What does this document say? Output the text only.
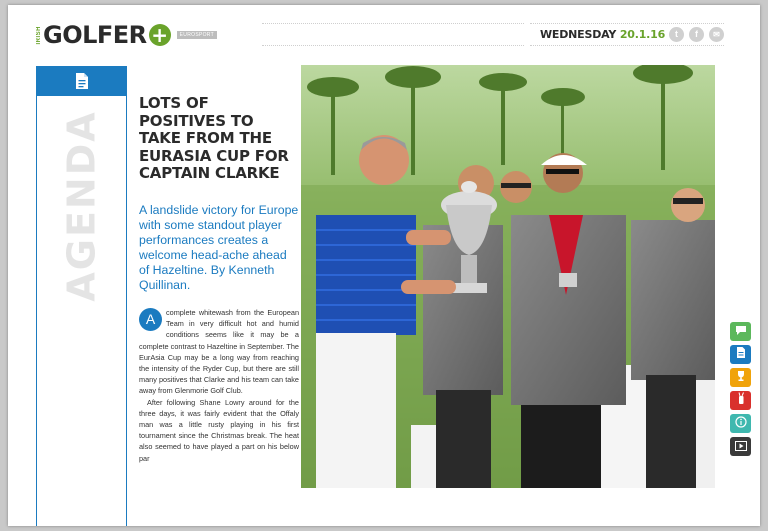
IRISH GOLFER +	EUROSPORT	WEDNESDAY 20.1.16	t	f	✉
AGENDA
LOTS OF POSITIVES TO TAKE FROM THE EURASIA CUP FOR CAPTAIN CLARKE

A landslide victory for Europe with some standout player performances creates a welcome head-ache ahead of Hazeltine. By Kenneth Quillinan.

A	complete whitewash from the European Team in very difficult hot and humid conditions seems like it may be a complete contrast to Hazeltine in September. The EurAsia Cup may be a long way from reaching the intensity of the Ryder Cup, but there are still many positives that Clarke and his team can take away from Glenmorie Golf Club.

After following Shane Lowry around for the three days, it was fairly evident that the Offaly man was a little rusty playing in his first tournament since the Christmas break. The heat also seemed to have played a part on his below par
